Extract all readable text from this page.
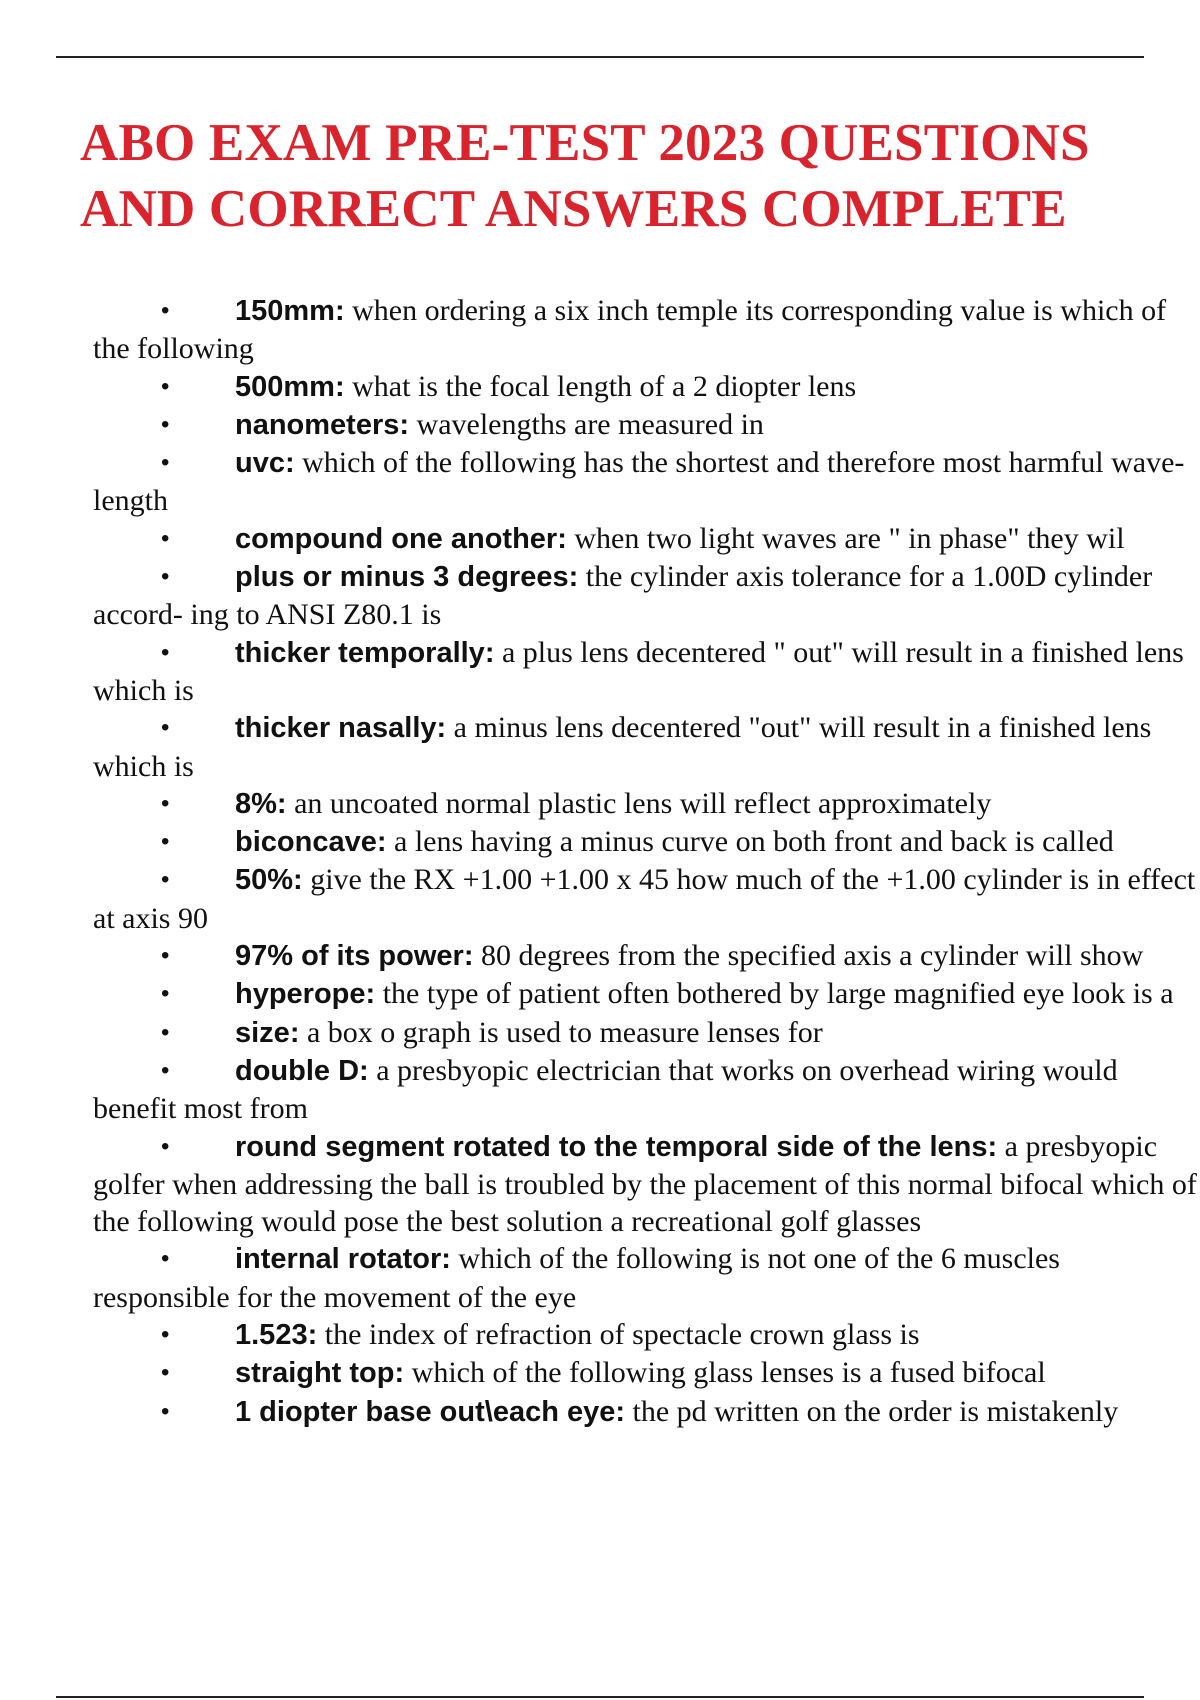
ABO EXAM PRE-TEST 2023 QUESTIONS
AND CORRECT ANSWERS COMPLETE
• 150mm: when ordering a six inch temple its corresponding value is which of the following
• 500mm: what is the focal length of a 2 diopter lens
• nanometers: wavelengths are measured in
• uvc: which of the following has the shortest and therefore most harmful wave- length
• compound one another: when two light waves are " in phase" they wil
• plus or minus 3 degrees: the cylinder axis tolerance for a 1.00D cylinder accord- ing to ANSI Z80.1 is
• thicker temporally: a plus lens decentered " out" will result in a finished lens which is
• thicker nasally: a minus lens decentered "out" will result in a finished lens which is
• 8%: an uncoated normal plastic lens will reflect approximately
• biconcave: a lens having a minus curve on both front and back is called
• 50%: give the RX +1.00 +1.00 x 45 how much of the +1.00 cylinder is in effect at axis 90
• 97% of its power: 80 degrees from the specified axis a cylinder will show
• hyperope: the type of patient often bothered by large magnified eye look is a
• size: a box o graph is used to measure lenses for
• double D: a presbyopic electrician that works on overhead wiring would benefit most from
• round segment rotated to the temporal side of the lens: a presbyopic golfer when addressing the ball is troubled by the placement of this normal bifocal which of the following would pose the best solution a recreational golf glasses
• internal rotator: which of the following is not one of the 6 muscles responsible for the movement of the eye
• 1.523: the index of refraction of spectacle crown glass is
• straight top: which of the following glass lenses is a fused bifocal
• 1 diopter base out\each eye: the pd written on the order is mistakenly
